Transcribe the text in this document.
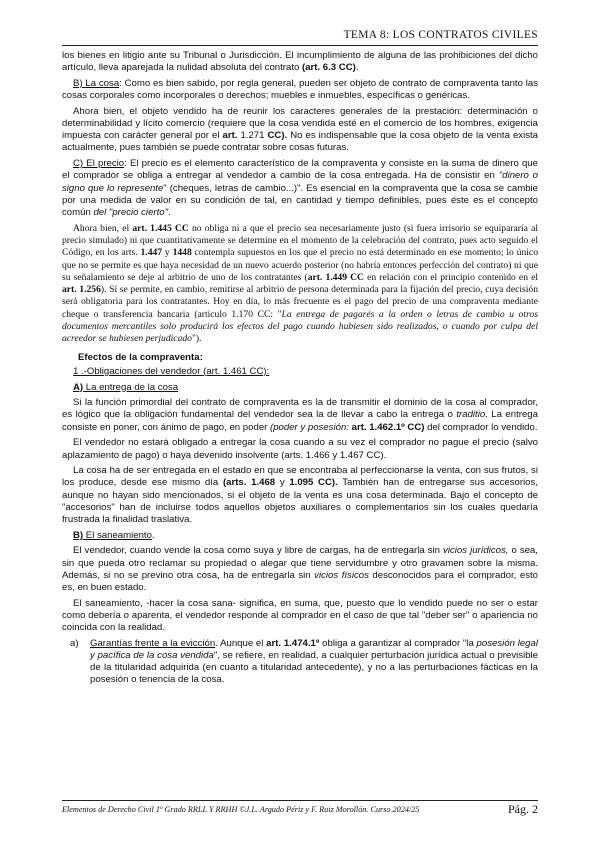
TEMA 8: LOS CONTRATOS CIVILES

los bienes en litigio ante su Tribunal o Jurisdicción. El incumplimiento de alguna de las prohibiciones del dicho artículo, lleva aparejada la nulidad absoluta del contrato (art. 6.3 CC).

B) La cosa: Como es bien sabido, por regla general, pueden ser objeto de contrato de compraventa tanto las cosas corporales como incorporales o derechos; muebles e inmuebles, específicas o genéricas.

Ahora bien, el objeto vendido ha de reunir los caracteres generales de la prestación: determinación o determinabilidad y lícito comercio (requiere que la cosa vendida esté en el comercio de los hombres, exigencia impuesta con carácter general por el art. 1.271 CC). No es indispensable que la cosa objeto de la venta exista actualmente, pues también se puede contratar sobre cosas futuras.

C) El precio: El precio es el elemento característico de la compraventa y consiste en la suma de dinero que el comprador se obliga a entregar al vendedor a cambio de la cosa entregada. Ha de consistir en "dinero o signo que lo represente" (cheques, letras de cambio...)". Es esencial en la compraventa que la cosa se cambie por una medida de valor en su condición de tal, en cantidad y tiempo definibles, pues éste es el concepto común del "precio cierto".

Ahora bien, el art. 1.445 CC no obliga ni a que el precio sea necesariamente justo (si fuera irrisorio se equipararía al precio simulado) ni que cuantitativamente se determine en el momento de la celebración del contrato, pues acto seguido el Código, en los arts. 1.447 y 1448 contempla supuestos en los que el precio no está determinado en ese momento; lo único que no se permite es que haya necesidad de un nuevo acuerdo posterior (no habría entonces perfección del contrato) ni que su señalamiento se deje al arbitrio de uno de los contratantes (art. 1.449 CC en relación con el principio contenido en el art. 1.256). Sí se permite, en cambio, remitirse al arbitrio de persona determinada para la fijación del precio, cuya decisión será obligatoria para los contratantes. Hoy en día, lo más frecuente es el pago del precio de una compraventa mediante cheque o transferencia bancaria (artículo 1.170 CC: "La entrega de pagarés a la orden o letras de cambio u otros documentos mercantiles solo producirá los efectos del pago cuando hubiesen sido realizados, o cuando por culpa del acreedor se hubiesen perjudicado").

Efectos de la compraventa:

1 .-Obligaciones del vendedor (art. 1.461 CC):

A) La entrega de la cosa

Si la función primordial del contrato de compraventa es la de transmitir el dominio de la cosa al comprador, es lógico que la obligación fundamental del vendedor sea la de llevar a cabo la entrega o traditio. La entrega consiste en poner, con ánimo de pago, en poder (poder y posesión: art. 1.462.1º CC) del comprador lo vendido.

El vendedor no estará obligado a entregar la cosa cuando a su vez el comprador no pague el precio (salvo aplazamiento de pago) o haya devenido insolvente (arts. 1.466 y 1.467 CC).

La cosa ha de ser entregada en el estado en que se encontraba al perfeccionarse la venta, con sus frutos, si los produce, desde ese mismo día (arts. 1.468 y 1.095 CC). También han de entregarse sus accesorios, aunque no hayan sido mencionados, si el objeto de la venta es una cosa determinada. Bajo el concepto de "accesorios" han de incluirse todos aquellos objetos auxiliares o complementarios sin los cuales quedaría frustrada la finalidad traslativa.

B) El saneamiento.

El vendedor, cuando vende la cosa como suya y libre de cargas, ha de entregarla sin vicios jurídicos, o sea, sin que pueda otro reclamar su propiedad o alegar que tiene servidumbre y otro gravamen sobre la misma. Además, si no se previno otra cosa, ha de entregarla sin vicios físicos desconocidos para el comprador, esto es, en buen estado.

El saneamiento, -hacer la cosa sana- significa, en suma, que, puesto que lo vendido puede no ser o estar como debería o aparenta, el vendedor responde al comprador en el caso de que tal "deber ser" o apariencia no coincida con la realidad.

a)	Garantías frente a la evicción. Aunque el art. 1.474.1º obliga a garantizar al comprador "la posesión legal y pacífica de la cosa vendida", se refiere, en realidad, a cualquier perturbación jurídica actual o previsible de la titularidad adquirida (en cuanto a titularidad antecedente), y no a las perturbaciones fácticas en la posesión o tenencia de la cosa.
Elementos de Derecho Civil 1º Grado RRLL Y RRHH ©J.L. Argudo Périz y F. Ruiz Morollón. Curso 2024/25	Pág. 2
